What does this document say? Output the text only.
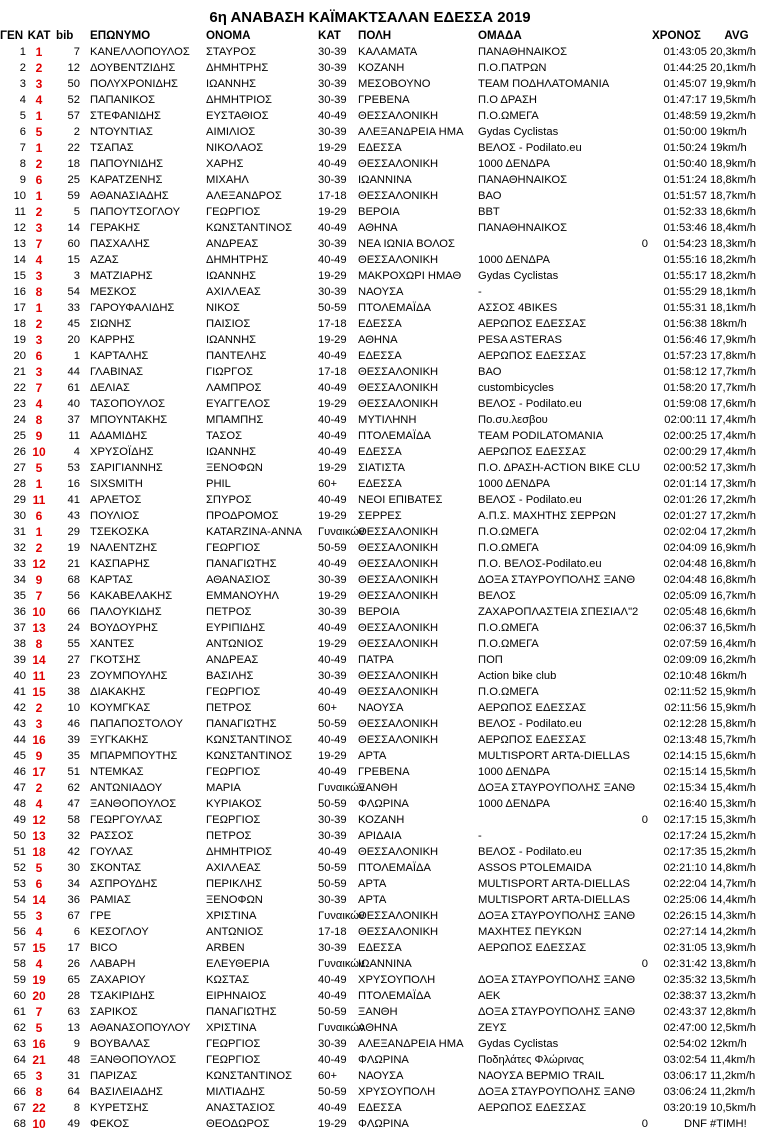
6η ΑΝΑΒΑΣΗ ΚΑΪΜΑΚΤΣΑΛΑΝ ΕΔΕΣΣΑ 2019
ΓΕΝ	ΚΑΤ	bib	ΕΠΩΝΥΜΟ	ΟΝΟΜΑ	ΚΑΤ	ΠΟΛΗ	ΟΜΑΔΑ		ΧΡΟΝΟΣ	AVG
1	1	7	ΚΑΝΕΛΛΟΠΟΥΛΟΣ	ΣΤΑΥΡΟΣ	30-39	ΚΑΛΑΜΑΤΑ	ΠΑΝΑΘΗΝΑΙΚΟΣ		01:43:05	20,3km/h
2	2	12	ΔΟΥΒΕΝΤΖΙΔΗΣ	ΔΗΜΗΤΡΗΣ	30-39	ΚΟΖΑΝΗ	Π.Ο.ΠΑΤΡΩΝ		01:44:25	20,1km/h
3	3	50	ΠΟΛΥΧΡΟΝΙΔΗΣ	ΙΩΑΝΝΗΣ	30-39	ΜΕΣΟΒΟΥΝΟ	TEAM ΠΟΔΗΛΑΤΟΜΑΝΙΑ		01:45:07	19,9km/h
4	4	52	ΠΑΠΑΝΙΚΟΣ	ΔΗΜΗΤΡΙΟΣ	30-39	ΓΡΕΒΕΝΑ	Π.Ο ΔΡΑΣΗ		01:47:17	19,5km/h
5	1	57	ΣΤΕΦΑΝΙΔΗΣ	ΕΥΣΤΑΘΙΟΣ	40-49	ΘΕΣΣΑΛΟΝΙΚΗ	Π.Ο.ΩΜΕΓΑ		01:48:59	19,2km/h
6	5	2	ΝΤΟΥΝΤΙΑΣ	ΑΙΜΙΛΙΟΣ	30-39	ΑΛΕΞΑΝΔΡΕΙΑ ΗΜΑ	Gydas Cyclistas		01:50:00	19km/h
7	1	22	ΤΣΑΠΑΣ	ΝΙΚΟΛΑΟΣ	19-29	ΕΔΕΣΣΑ	ΒΕΛΟΣ - Podilato.eu		01:50:24	19km/h
8	2	18	ΠΑΠΟΥΝΙΔΗΣ	ΧΑΡΗΣ	40-49	ΘΕΣΣΑΛΟΝΙΚΗ	1000 ΔΕΝΔΡΑ		01:50:40	18,9km/h
9	6	25	ΚΑΡΑΤΖΕΝΗΣ	ΜΙΧΑΗΛ	30-39	ΙΩΑΝΝΙΝΑ	ΠΑΝΑΘΗΝΑΙΚΟΣ		01:51:24	18,8km/h
10	1	59	ΑΘΑΝΑΣΙΑΔΗΣ	ΑΛΕΞΑΝΔΡΟΣ	17-18	ΘΕΣΣΑΛΟΝΙΚΗ	ΒΑΟ		01:51:57	18,7km/h
11	2	5	ΠΑΠΟΥΤΣΟΓΛΟΥ	ΓΕΩΡΓΙΟΣ	19-29	ΒΕΡΟΙΑ	BBT		01:52:33	18,6km/h
12	3	14	ΓΕΡΑΚΗΣ	ΚΩΝΣΤΑΝΤΙΝΟΣ	40-49	ΑΘΗΝΑ	ΠΑΝΑΘΗΝΑΙΚΟΣ		01:53:46	18,4km/h
13	7	60	ΠΑΣΧΑΛΗΣ	ΑΝΔΡΕΑΣ	30-39	ΝΕΑ ΙΩΝΙΑ ΒΟΛΟΣ		0	01:54:23	18,3km/h
14	4	15	ΑΖΑΣ	ΔΗΜΗΤΡΗΣ	40-49	ΘΕΣΣΑΛΟΝΙΚΗ	1000 ΔΕΝΔΡΑ		01:55:16	18,2km/h
15	3	3	ΜΑΤΖΙΑΡΗΣ	ΙΩΑΝΝΗΣ	19-29	ΜΑΚΡΟΧΩΡΙ ΗΜΑΘ	Gydas Cyclistas		01:55:17	18,2km/h
16	8	54	ΜΕΣΚΟΣ	ΑΧΙΛΛΕΑΣ	30-39	ΝΑΟΥΣΑ	-		01:55:29	18,1km/h
17	1	33	ΓΑΡΟΥΦΑΛΙΔΗΣ	ΝΙΚΟΣ	50-59	ΠΤΟΛΕΜΑΪΔΑ	ΑΣΣΟΣ 4BIKES		01:55:31	18,1km/h
18	2	45	ΣΙΩΝΗΣ	ΠΑΙΣΙΟΣ	17-18	ΕΔΕΣΣΑ	ΑΕΡΩΠΟΣ ΕΔΕΣΣΑΣ		01:56:38	18km/h
19	3	20	ΚΑΡΡΗΣ	ΙΩΑΝΝΗΣ	19-29	ΑΘΗΝΑ	PESA ASTERAS		01:56:46	17,9km/h
20	6	1	ΚΑΡΤΑΛΗΣ	ΠΑΝΤΕΛΗΣ	40-49	ΕΔΕΣΣΑ	ΑΕΡΩΠΟΣ ΕΔΕΣΣΑΣ		01:57:23	17,8km/h
21	3	44	ΓΛΑΒΙΝΑΣ	ΓΙΩΡΓΟΣ	17-18	ΘΕΣΣΑΛΟΝΙΚΗ	ΒΑΟ		01:58:12	17,7km/h
22	7	61	ΔΕΛΙΑΣ	ΛΑΜΠΡΟΣ	40-49	ΘΕΣΣΑΛΟΝΙΚΗ	custombicycles		01:58:20	17,7km/h
23	4	40	ΤΑΣΟΠΟΥΛΟΣ	ΕΥΑΓΓΕΛΟΣ	19-29	ΘΕΣΣΑΛΟΝΙΚΗ	ΒΕΛΟΣ - Podilato.eu		01:59:08	17,6km/h
24	8	37	ΜΠΟΥΝΤΑΚΗΣ	ΜΠΑΜΠΗΣ	40-49	ΜΥΤΙΛΗΝΗ	Πο.συ.λεσβου		02:00:11	17,4km/h
25	9	11	ΑΔΑΜΙΔΗΣ	ΤΑΣΟΣ	40-49	ΠΤΟΛΕΜΑΪΔΑ	TEAM PODILATOMANIA		02:00:25	17,4km/h
26	10	4	ΧΡΥΣΟΪΔΗΣ	ΙΩΑΝΝΗΣ	40-49	ΕΔΕΣΣΑ	ΑΕΡΩΠΟΣ ΕΔΕΣΣΑΣ		02:00:29	17,4km/h
27	5	53	ΣΑΡΙΓΙΑΝΝΗΣ	ΞΕΝΟΦΩΝ	19-29	ΣΙΑΤΙΣΤΑ	Π.Ο. ΔΡΑΣΗ-ACTION BIKE CLU		02:00:52	17,3km/h
28	1	16	SIXSMITH	PHIL	60+	ΕΔΕΣΣΑ	1000 ΔΕΝΔΡΑ		02:01:14	17,3km/h
29	11	41	ΑΡΛΕΤΟΣ	ΣΠΥΡΟΣ	40-49	ΝΕΟΙ ΕΠΙΒΑΤΕΣ	ΒΕΛΟΣ - Podilato.eu		02:01:26	17,2km/h
30	6	43	ΠΟΥΛΙΟΣ	ΠΡΟΔΡΟΜΟΣ	19-29	ΣΕΡΡΕΣ	Α.Π.Σ. ΜΑΧΗΤΗΣ ΣΕΡΡΩΝ		02:01:27	17,2km/h
31	1	29	ΤΣΕΚΟΣΚΑ	KATARZINA-ANNA	Γυναικών	ΘΕΣΣΑΛΟΝΙΚΗ	Π.Ο.ΩΜΕΓΑ		02:02:04	17,2km/h
32	2	19	ΝΑΛΕΝΤΖΗΣ	ΓΕΩΡΓΙΟΣ	50-59	ΘΕΣΣΑΛΟΝΙΚΗ	Π.Ο.ΩΜΕΓΑ		02:04:09	16,9km/h
33	12	21	ΚΑΣΠΑΡΗΣ	ΠΑΝΑΓΙΩΤΗΣ	40-49	ΘΕΣΣΑΛΟΝΙΚΗ	Π.Ο. ΒΕΛΟΣ-Podilato.eu		02:04:48	16,8km/h
34	9	68	ΚΑΡΤΑΣ	ΑΘΑΝΑΣΙΟΣ	30-39	ΘΕΣΣΑΛΟΝΙΚΗ	ΔΟΞΑ ΣΤΑΥΡΟΥΠΟΛΗΣ ΞΑΝΘ		02:04:48	16,8km/h
35	7	56	ΚΑΚΑΒΕΛΑΚΗΣ	ΕΜΜΑΝΟΥΗΛ	19-29	ΘΕΣΣΑΛΟΝΙΚΗ	ΒΕΛΟΣ		02:05:09	16,7km/h
36	10	66	ΠΑΛΟΥΚΙΔΗΣ	ΠΕΤΡΟΣ	30-39	ΒΕΡΟΙΑ	ΖΑΧΑΡΟΠΛΑΣΤΕΙΑ ΣΠΕΣΙΑΛ"2		02:05:48	16,6km/h
37	13	24	ΒΟΥΔΟΥΡΗΣ	ΕΥΡΙΠΙΔΗΣ	40-49	ΘΕΣΣΑΛΟΝΙΚΗ	Π.Ο.ΩΜΕΓΑ		02:06:37	16,5km/h
38	8	55	ΧΑΝΤΕΣ	ΑΝΤΩΝΙΟΣ	19-29	ΘΕΣΣΑΛΟΝΙΚΗ	Π.Ο.ΩΜΕΓΑ		02:07:59	16,4km/h
39	14	27	ΓΚΟΤΣΗΣ	ΑΝΔΡΕΑΣ	40-49	ΠΑΤΡΑ	ΠΟΠ		02:09:09	16,2km/h
40	11	23	ΖΟΥΜΠΟΥΛΗΣ	ΒΑΣΙΛΗΣ	30-39	ΘΕΣΣΑΛΟΝΙΚΗ	Action bike club		02:10:48	16km/h
41	15	38	ΔΙΑΚΑΚΗΣ	ΓΕΩΡΓΙΟΣ	40-49	ΘΕΣΣΑΛΟΝΙΚΗ	Π.Ο.ΩΜΕΓΑ		02:11:52	15,9km/h
42	2	10	ΚΟΥΜΓΚΑΣ	ΠΕΤΡΟΣ	60+	ΝΑΟΥΣΑ	ΑΕΡΩΠΟΣ ΕΔΕΣΣΑΣ		02:11:56	15,9km/h
43	3	46	ΠΑΠΑΠΟΣΤΟΛΟΥ	ΠΑΝΑΓΙΩΤΗΣ	50-59	ΘΕΣΣΑΛΟΝΙΚΗ	ΒΕΛΟΣ - Podilato.eu		02:12:28	15,8km/h
44	16	39	ΞΥΓΚΑΚΗΣ	ΚΩΝΣΤΑΝΤΙΝΟΣ	40-49	ΘΕΣΣΑΛΟΝΙΚΗ	ΑΕΡΩΠΟΣ ΕΔΕΣΣΑΣ		02:13:48	15,7km/h
45	9	35	ΜΠΑΡΜΠΟΥΤΗΣ	ΚΩΝΣΤΑΝΤΙΝΟΣ	19-29	ΑΡΤΑ	MULTISPORT ARTA-DIELLAS		02:14:15	15,6km/h
46	17	51	ΝΤΕΜΚΑΣ	ΓΕΩΡΓΙΟΣ	40-49	ΓΡΕΒΕΝΑ	1000 ΔΕΝΔΡΑ		02:15:14	15,5km/h
47	2	62	ΑΝΤΩΝΙΑΔΟΥ	ΜΑΡΙΑ	Γυναικών	ΞΑΝΘΗ	ΔΟΞΑ ΣΤΑΥΡΟΥΠΟΛΗΣ ΞΑΝΘ		02:15:34	15,4km/h
48	4	47	ΞΑΝΘΟΠΟΥΛΟΣ	ΚΥΡΙΑΚΟΣ	50-59	ΦΛΩΡΙΝΑ	1000 ΔΕΝΔΡΑ		02:16:40	15,3km/h
49	12	58	ΓΕΩΡΓΟΥΛΑΣ	ΓΕΩΡΓΙΟΣ	30-39	ΚΟΖΑΝΗ		0	02:17:15	15,3km/h
50	13	32	ΡΑΣΣΟΣ	ΠΕΤΡΟΣ	30-39	ΑΡΙΔΑΙΑ	-		02:17:24	15,2km/h
51	18	42	ΓΟΥΛΑΣ	ΔΗΜΗΤΡΙΟΣ	40-49	ΘΕΣΣΑΛΟΝΙΚΗ	ΒΕΛΟΣ - Podilato.eu		02:17:35	15,2km/h
52	5	30	ΣΚΟΝΤΑΣ	ΑΧΙΛΛΕΑΣ	50-59	ΠΤΟΛΕΜΑΪΔΑ	ASSOS PTOLEMAIDA		02:21:10	14,8km/h
53	6	34	ΑΣΠΡΟΥΔΗΣ	ΠΕΡΙΚΛΗΣ	50-59	ΑΡΤΑ	MULTISPORT ARTA-DIELLAS		02:22:04	14,7km/h
54	14	36	ΡΑΜΙΑΣ	ΞΕΝΟΦΩΝ	30-39	ΑΡΤΑ	MULTISPORT ARTA-DIELLAS		02:25:06	14,4km/h
55	3	67	ΓΡΕ	ΧΡΙΣΤΙΝΑ	Γυναικών	ΘΕΣΣΑΛΟΝΙΚΗ	ΔΟΞΑ ΣΤΑΥΡΟΥΠΟΛΗΣ ΞΑΝΘ		02:26:15	14,3km/h
56	4	6	ΚΕΣΟΓΛΟΥ	ΑΝΤΩΝΙΟΣ	17-18	ΘΕΣΣΑΛΟΝΙΚΗ	ΜΑΧΗΤΕΣ ΠΕΥΚΩΝ		02:27:14	14,2km/h
57	15	17	BICO	ARBEN	30-39	ΕΔΕΣΣΑ	ΑΕΡΩΠΟΣ ΕΔΕΣΣΑΣ		02:31:05	13,9km/h
58	4	26	ΛΑΒΑΡΗ	ΕΛΕΥΘΕΡΙΑ	Γυναικών	ΙΩΑΝΝΙΝΑ		0	02:31:42	13,8km/h
59	19	65	ΖΑΧΑΡΙΟΥ	ΚΩΣΤΑΣ	40-49	ΧΡΥΣΟΥΠΟΛΗ	ΔΟΞΑ ΣΤΑΥΡΟΥΠΟΛΗΣ ΞΑΝΘ		02:35:32	13,5km/h
60	20	28	ΤΣΑΚΙΡΙΔΗΣ	ΕΙΡΗΝΑΙΟΣ	40-49	ΠΤΟΛΕΜΑΪΔΑ	ΑΕΚ		02:38:37	13,2km/h
61	7	63	ΣΑΡΙΚΟΣ	ΠΑΝΑΓΙΩΤΗΣ	50-59	ΞΑΝΘΗ	ΔΟΞΑ ΣΤΑΥΡΟΥΠΟΛΗΣ ΞΑΝΘ		02:43:37	12,8km/h
62	5	13	ΑΘΑΝΑΣΟΠΟΥΛΟΥ	ΧΡΙΣΤΙΝΑ	Γυναικών	ΑΘΗΝΑ	ΖΕΥΣ		02:47:00	12,5km/h
63	16	9	ΒΟΥΒΑΛΑΣ	ΓΕΩΡΓΙΟΣ	30-39	ΑΛΕΞΑΝΔΡΕΙΑ ΗΜΑ	Gydas Cyclistas		02:54:02	12km/h
64	21	48	ΞΑΝΘΟΠΟΥΛΟΣ	ΓΕΩΡΓΙΟΣ	40-49	ΦΛΩΡΙΝΑ	Ποδηλάτες Φλώρινας		03:02:54	11,4km/h
65	3	31	ΠΑΡΙΖΑΣ	ΚΩΝΣΤΑΝΤΙΝΟΣ	60+	ΝΑΟΥΣΑ	ΝΑΟΥΣΑ ΒΕΡΜΙΟ TRAIL		03:06:17	11,2km/h
66	8	64	ΒΑΣΙΛΕΙΑΔΗΣ	ΜΙΛΤΙΑΔΗΣ	50-59	ΧΡΥΣΟΥΠΟΛΗ	ΔΟΞΑ ΣΤΑΥΡΟΥΠΟΛΗΣ ΞΑΝΘ		03:06:24	11,2km/h
67	22	8	ΚΥΡΕΤΣΗΣ	ΑΝΑΣΤΑΣΙΟΣ	40-49	ΕΔΕΣΣΑ	ΑΕΡΩΠΟΣ ΕΔΕΣΣΑΣ		03:20:19	10,5km/h
68	10	49	ΦΕΚΟΣ	ΘΕΟΔΩΡΟΣ	19-29	ΦΛΩΡΙΝΑ		0	DNF	#ΤΙΜΗ!
